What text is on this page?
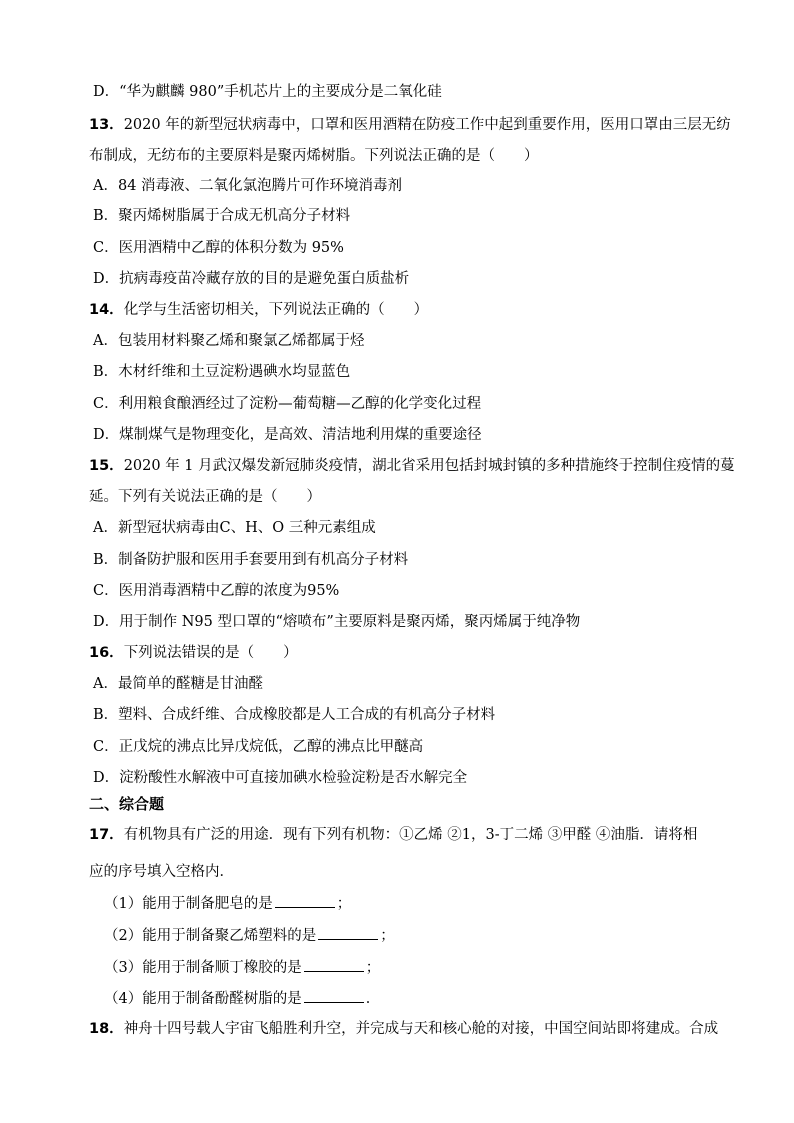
D．“华为麒麟 980”手机芯片上的主要成分是二氧化硅
13．2020 年的新型冠状病毒中，口罩和医用酒精在防疫工作中起到重要作用，医用口罩由三层无纺
布制成，无纺布的主要原料是聚丙烯树脂。下列说法正确的是（　　）
A．84 消毒液、二氧化氯泡腾片可作环境消毒剂
B．聚丙烯树脂属于合成无机高分子材料
C．医用酒精中乙醇的体积分数为 95%
D．抗病毒疫苗冷藏存放的目的是避免蛋白质盐析
14．化学与生活密切相关，下列说法正确的（　　）
A．包装用材料聚乙烯和聚氯乙烯都属于烃
B．木材纤维和土豆淀粉遇碘水均显蓝色
C．利用粮食酿酒经过了淀粉—葡萄糖—乙醇的化学变化过程
D．煤制煤气是物理变化，是高效、清洁地利用煤的重要途径
15．2020 年 1 月武汉爆发新冠肺炎疫情，湖北省采用包括封城封镇的多种措施终于控制住疫情的蔓
延。下列有关说法正确的是（　　）
A．新型冠状病毒由C、H、O 三种元素组成
B．制备防护服和医用手套要用到有机高分子材料
C．医用消毒酒精中乙醇的浓度为95%
D．用于制作 N95 型口罩的“熔喷布”主要原料是聚丙烯，聚丙烯属于纯净物
16．下列说法错误的是（　　）
A．最简单的醛糖是甘油醛
B．塑料、合成纤维、合成橡胶都是人工合成的有机高分子材料
C．正戊烷的沸点比异戊烷低，乙醇的沸点比甲醚高
D．淀粉酸性水解液中可直接加碘水检验淀粉是否水解完全
二、综合题
17．有机物具有广泛的用途．现有下列有机物：①乙烯 ②1，3-丁二烯 ③甲醛 ④油脂．请将相
应的序号填入空格内．
（1）能用于制备肥皂的是	；
（2）能用于制备聚乙烯塑料的是	；
（3）能用于制备顺丁橡胶的是	；
（4）能用于制备酚醛树脂的是	．
18．神舟十四号载人宇宙飞船胜利升空，并完成与天和核心舱的对接，中国空间站即将建成。合成
